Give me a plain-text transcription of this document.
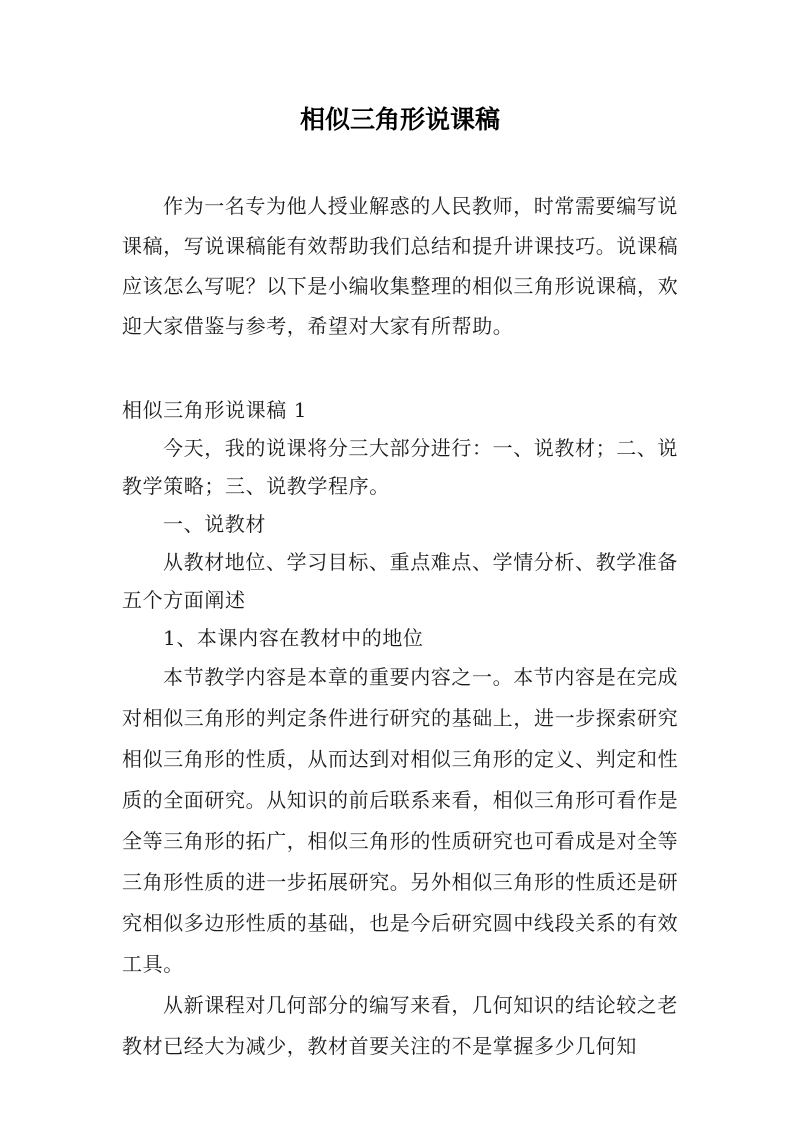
相似三角形说课稿

作为一名专为他人授业解惑的人民教师，时常需要编写说课稿，写说课稿能有效帮助我们总结和提升讲课技巧。说课稿应该怎么写呢？以下是小编收集整理的相似三角形说课稿，欢迎大家借鉴与参考，希望对大家有所帮助。

相似三角形说课稿 1

今天，我的说课将分三大部分进行：一、说教材；二、说教学策略；三、说教学程序。

一、说教材

从教材地位、学习目标、重点难点、学情分析、教学准备五个方面阐述

1、本课内容在教材中的地位

本节教学内容是本章的重要内容之一。本节内容是在完成对相似三角形的判定条件进行研究的基础上，进一步探索研究相似三角形的性质，从而达到对相似三角形的定义、判定和性质的全面研究。从知识的前后联系来看，相似三角形可看作是全等三角形的拓广，相似三角形的性质研究也可看成是对全等三角形性质的进一步拓展研究。另外相似三角形的性质还是研究相似多边形性质的基础，也是今后研究圆中线段关系的有效工具。

从新课程对几何部分的编写来看，几何知识的结论较之老教材已经大为减少，教材首要关注的不是掌握多少几何知
